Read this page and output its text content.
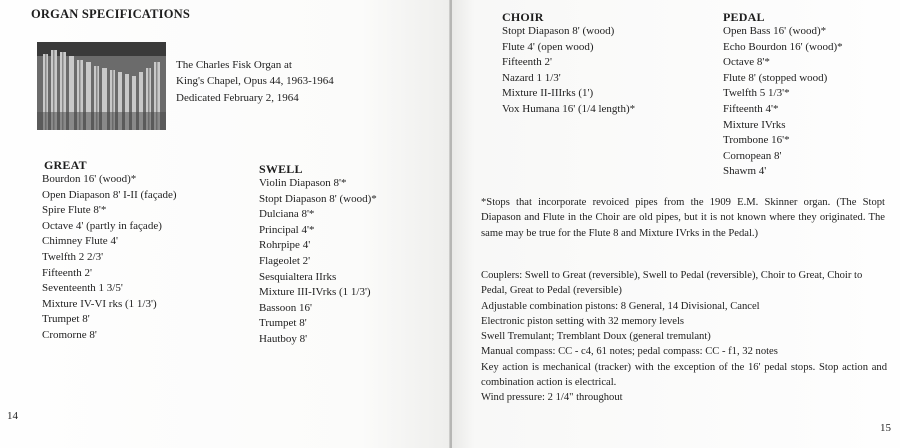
ORGAN SPECIFICATIONS
The Charles Fisk Organ at
King's Chapel, Opus 44, 1963-1964
Dedicated February 2, 1964
GREAT
Bourdon 16' (wood)*
Open Diapason 8' I-II (façade)
Spire Flute 8'*
Octave 4' (partly in façade)
Chimney Flute 4'
Twelfth 2 2/3'
Fifteenth 2'
Seventeenth 1 3/5'
Mixture IV-VI rks (1 1/3')
Trumpet 8'
Cromorne 8'
SWELL
Violin Diapason 8'*
Stopt Diapason 8' (wood)*
Dulciana 8'*
Principal 4'*
Rohrpipe 4'
Flageolet 2'
Sesquialtera IIrks
Mixture III-IVrks (1 1/3')
Bassoon 16'
Trumpet 8'
Hautboy 8'
14
CHOIR
Stopt Diapason 8' (wood)
Flute 4' (open wood)
Fifteenth 2'
Nazard 1 1/3'
Mixture II-IIIrks (1')
Vox Humana 16' (1/4 length)*
PEDAL
Open Bass 16' (wood)*
Echo Bourdon 16' (wood)*
Octave 8'*
Flute 8' (stopped wood)
Twelfth 5 1/3'*
Fifteenth 4'*
Mixture IVrks
Trombone 16'*
Cornopean 8'
Shawm 4'
*Stops that incorporate revoiced pipes from the 1909 E.M. Skinner organ. (The Stopt Diapason and Flute in the Choir are old pipes, but it is not known where they originated. The same may be true for the Flute 8 and Mixture IVrks in the Pedal.)
Couplers: Swell to Great (reversible), Swell to Pedal (reversible), Choir to Great, Choir to Pedal, Great to Pedal (reversible)
Adjustable combination pistons: 8 General, 14 Divisional, Cancel
Electronic piston setting with 32 memory levels
Swell Tremulant; Tremblant Doux (general tremulant)
Manual compass: CC - c4, 61 notes; pedal compass: CC - f1, 32 notes
Key action is mechanical (tracker) with the exception of the 16' pedal stops. Stop action and combination action is electrical.
Wind pressure: 2 1/4" throughout
15
